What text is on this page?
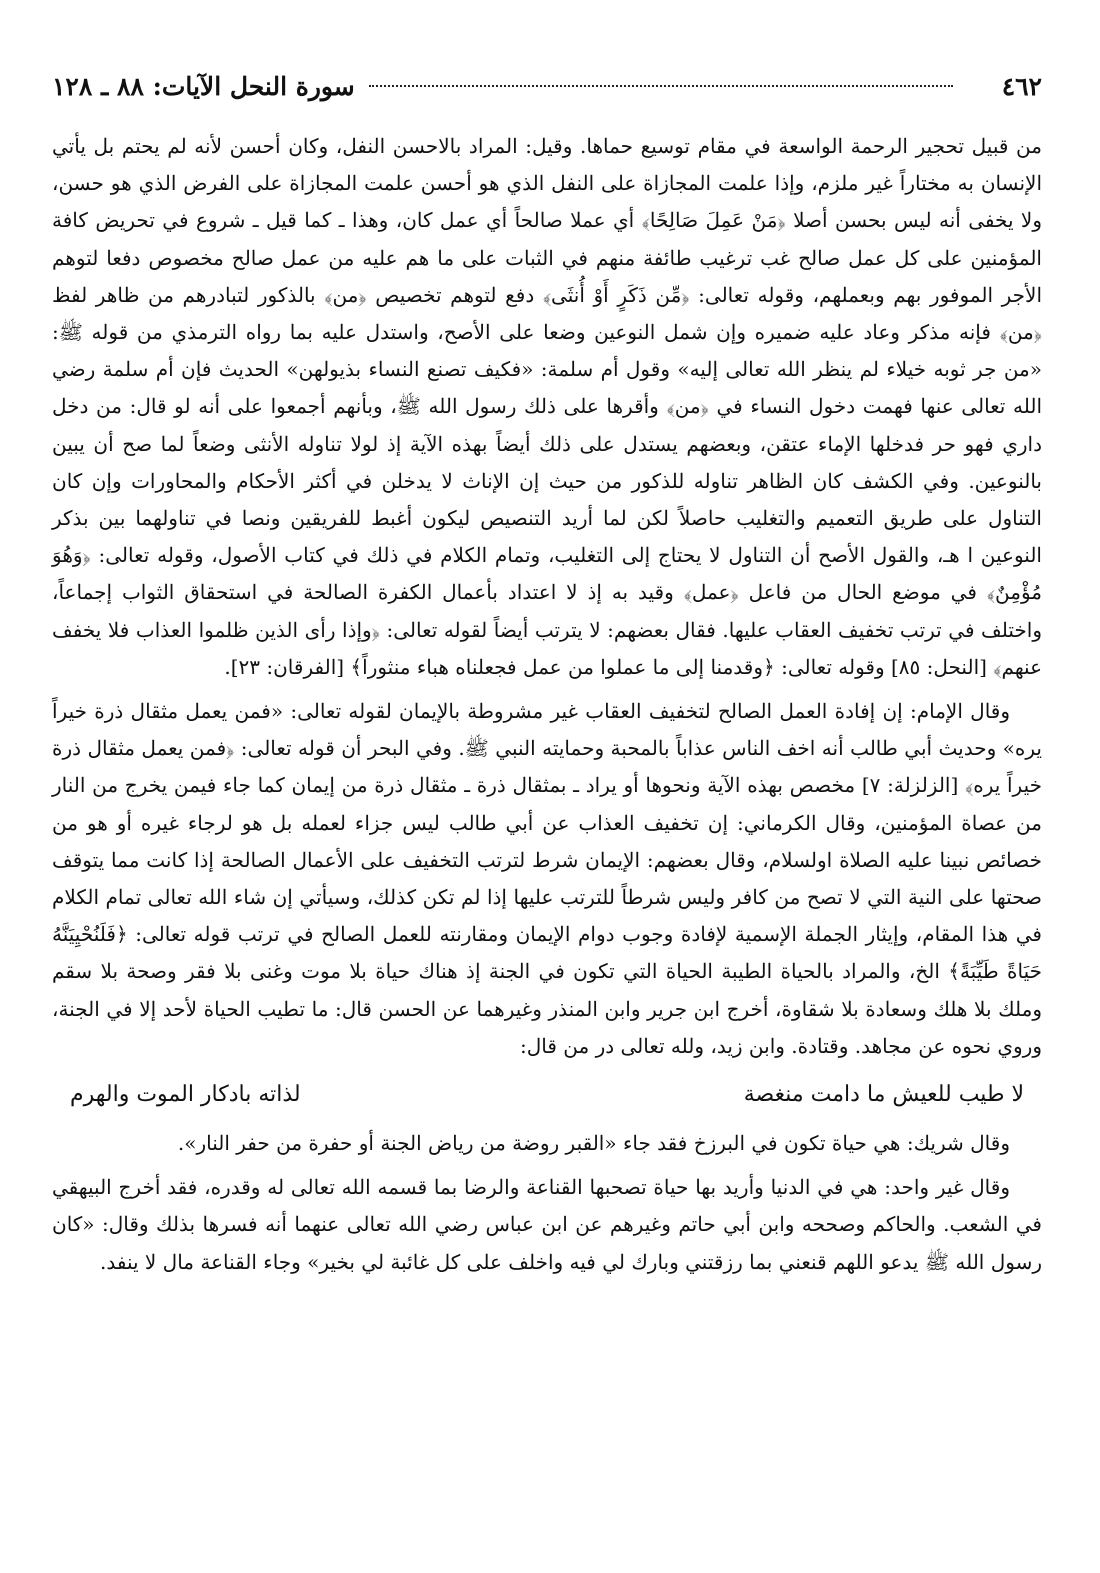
٤٦٢
سورة النحل الآيات: ٨٨ ـ ١٢٨

من قبيل تحجير الرحمة الواسعة في مقام توسيع حماها. وقيل: المراد بالاحسن النفل، وكان أحسن لأنه لم يحتم بل يأتي الإنسان به مختاراً غير ملزم، وإذا علمت المجازاة على النفل الذي هو أحسن علمت المجازاة على الفرض الذي هو حسن، ولا يخفى أنه ليس بحسن أصلا ﴿مَنْ عَمِلَ صَالِحًا﴾ أي عملا صالحاً أي عمل كان، وهذا ـ كما قيل ـ شروع في تحريض كافة المؤمنين على كل عمل صالح غب ترغيب طائفة منهم في الثبات على ما هم عليه من عمل صالح مخصوص دفعا لتوهم الأجر الموفور بهم وبعملهم، وقوله تعالى: ﴿مِّن ذَكَرٍ أَوْ أُنثَى﴾ دفع لتوهم تخصيص ﴿من﴾ بالذكور لتبادرهم من ظاهر لفظ ﴿من﴾ فإنه مذكر وعاد عليه ضميره وإن شمل النوعين وضعا على الأصح، واستدل عليه بما رواه الترمذي من قوله ﷺ: «من جر ثوبه خيلاء لم ينظر الله تعالى إليه» وقول أم سلمة: «فكيف تصنع النساء بذيولهن» الحديث فإن أم سلمة رضي الله تعالى عنها فهمت دخول النساء في ﴿من﴾ وأقرها على ذلك رسول الله ﷺ، وبأنهم أجمعوا على أنه لو قال: من دخل داري فهو حر فدخلها الإماء عتقن، وبعضهم يستدل على ذلك أيضاً بهذه الآية إذ لولا تناوله الأنثى وضعاً لما صح أن يبين بالنوعين. وفي الكشف كان الظاهر تناوله للذكور من حيث إن الإناث لا يدخلن في أكثر الأحكام والمحاورات وإن كان التناول على طريق التعميم والتغليب حاصلاً لكن لما أريد التنصيص ليكون أغبط للفريقين ونصا في تناولهما بين بذكر النوعين ا هـ، والقول الأصح أن التناول لا يحتاج إلى التغليب، وتمام الكلام في ذلك في كتاب الأصول، وقوله تعالى: ﴿وَهُوَ مُؤْمِنٌ﴾ في موضع الحال من فاعل ﴿عمل﴾ وقيد به إذ لا اعتداد بأعمال الكفرة الصالحة في استحقاق الثواب إجماعاً، واختلف في ترتب تخفيف العقاب عليها. فقال بعضهم: لا يترتب أيضاً لقوله تعالى: ﴿وإذا رأى الذين ظلموا العذاب فلا يخفف عنهم﴾ [النحل: ٨٥] وقوله تعالى: ﴿وقدمنا إلى ما عملوا من عمل فجعلناه هباء منثوراً﴾ [الفرقان: ٢٣].

وقال الإمام: إن إفادة العمل الصالح لتخفيف العقاب غير مشروطة بالإيمان لقوله تعالى: «فمن يعمل مثقال ذرة خيراً يره» وحديث أبي طالب أنه اخف الناس عذاباً بالمحبة وحمايته النبي ﷺ. وفي البحر أن قوله تعالى: ﴿فمن يعمل مثقال ذرة خيراً يره﴾ [الزلزلة: ٧] مخصص بهذه الآية ونحوها أو يراد ـ بمثقال ذرة ـ مثقال ذرة من إيمان كما جاء فيمن يخرج من النار من عصاة المؤمنين، وقال الكرماني: إن تخفيف العذاب عن أبي طالب ليس جزاء لعمله بل هو لرجاء غيره أو هو من خصائص نبينا عليه الصلاة اولسلام، وقال بعضهم: الإيمان شرط لترتب التخفيف على الأعمال الصالحة إذا كانت مما يتوقف صحتها على النية التي لا تصح من كافر وليس شرطاً للترتب عليها إذا لم تكن كذلك، وسيأتي إن شاء الله تعالى تمام الكلام في هذا المقام، وإيثار الجملة الإسمية لإفادة وجوب دوام الإيمان ومقارنته للعمل الصالح في ترتب قوله تعالى: ﴿فَلَنُحْيِيَنَّهُ حَيَاةً طَيِّبَةً﴾ الخ، والمراد بالحياة الطيبة الحياة التي تكون في الجنة إذ هناك حياة بلا موت وغنى بلا فقر وصحة بلا سقم وملك بلا هلك وسعادة بلا شقاوة، أخرج ابن جرير وابن المنذر وغيرهما عن الحسن قال: ما تطيب الحياة لأحد إلا في الجنة، وروي نحوه عن مجاهد. وقتادة. وابن زيد، ولله تعالى در من قال:

لا طيب للعيش ما دامت منغصة
لذاته بادكار الموت والهرم

وقال شريك: هي حياة تكون في البرزخ فقد جاء «القبر روضة من رياض الجنة أو حفرة من حفر النار».

وقال غير واحد: هي في الدنيا وأريد بها حياة تصحبها القناعة والرضا بما قسمه الله تعالى له وقدره، فقد أخرج البيهقي في الشعب. والحاكم وصححه وابن أبي حاتم وغيرهم عن ابن عباس رضي الله تعالى عنهما أنه فسرها بذلك وقال: «كان رسول الله ﷺ يدعو اللهم قنعني بما رزقتني وبارك لي فيه واخلف على كل غائبة لي بخير» وجاء القناعة مال لا ينفد.
